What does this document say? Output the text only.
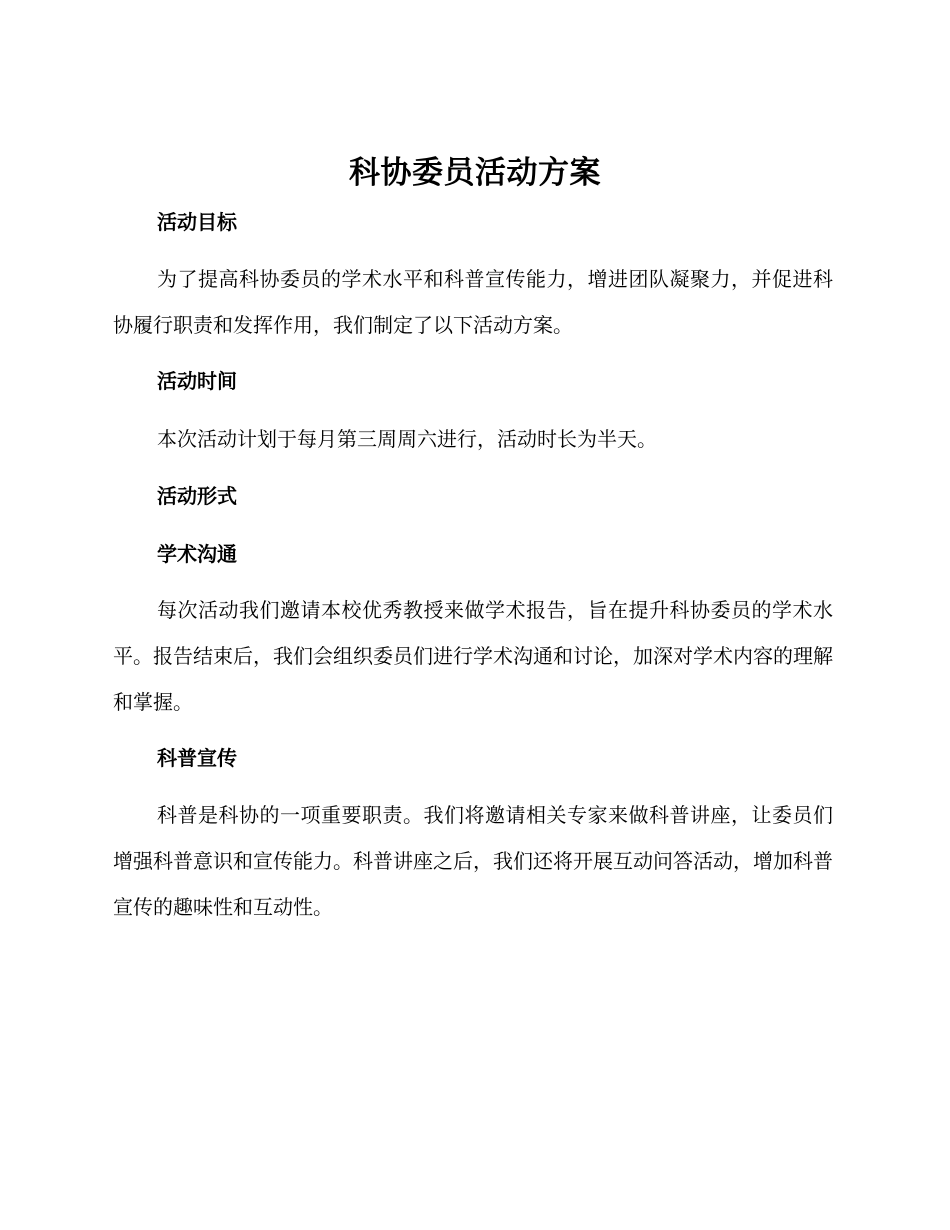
科协委员活动方案
活动目标
为了提高科协委员的学术水平和科普宣传能力，增进团队凝聚力，并促进科协履行职责和发挥作用，我们制定了以下活动方案。
活动时间
本次活动计划于每月第三周周六进行，活动时长为半天。
活动形式
学术沟通
每次活动我们邀请本校优秀教授来做学术报告，旨在提升科协委员的学术水平。报告结束后，我们会组织委员们进行学术沟通和讨论，加深对学术内容的理解和掌握。
科普宣传
科普是科协的一项重要职责。我们将邀请相关专家来做科普讲座，让委员们增强科普意识和宣传能力。科普讲座之后，我们还将开展互动问答活动，增加科普宣传的趣味性和互动性。
